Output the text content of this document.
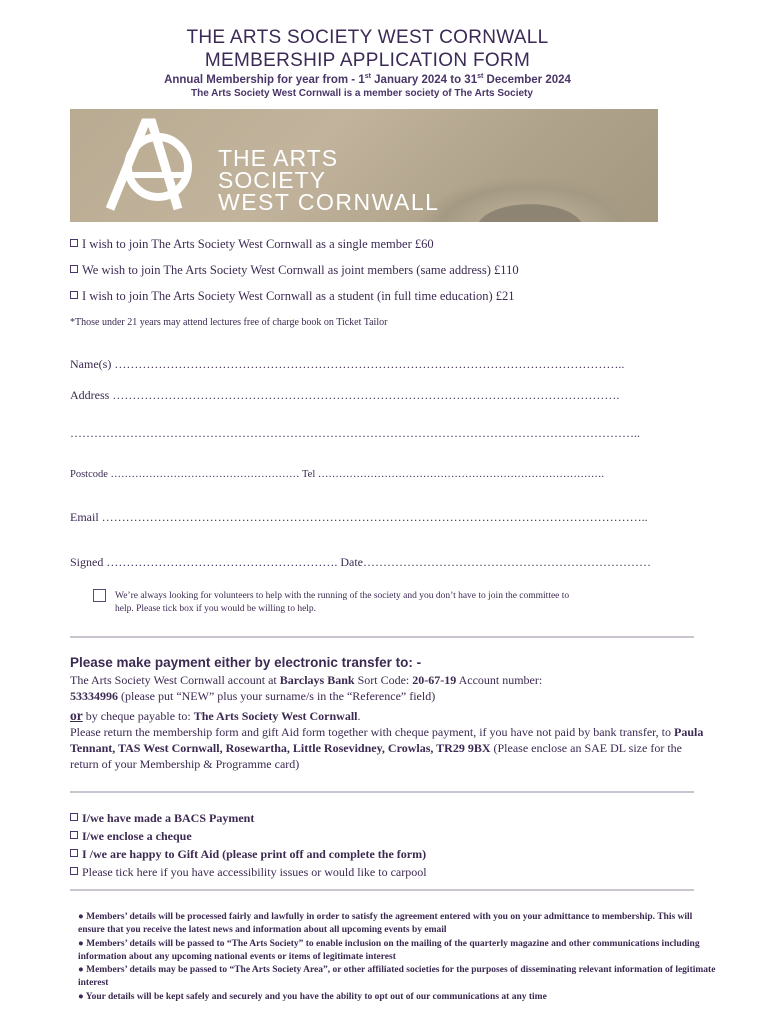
THE ARTS SOCIETY WEST CORNWALL
MEMBERSHIP APPLICATION FORM
Annual Membership for year from - 1st January 2024 to 31st December 2024
The Arts Society West Cornwall is a member society of The Arts Society
THE ARTS
SOCIETY
WEST CORNWALL
I wish to join The Arts Society West Cornwall as a single member £60
We wish to join The Arts Society West Cornwall as joint members (same address) £110
I wish to join The Arts Society West Cornwall as a student (in full time education) £21
*Those under 21 years may attend lectures free of charge book on Ticket Tailor
Name(s) ………………………………………………………………………………………………………………..
Address ……………………………………………………………………………………………………………….
……………………………………………………………………………………………………………………………..
Postcode ……………………………………………… Tel ……………………………………………………………………….
Email ………………………………………………………………………………………………………………………..
Signed …………………………………………………. Date………………………………………………………………
We’re always looking for volunteers to help with the running of the society and you don’t have to join the committee to
help. Please tick box if you would be willing to help.
Please make payment either by electronic transfer to: -
The Arts Society West Cornwall account at Barclays Bank Sort Code: 20-67-19 Account number:
53334996 (please put “NEW” plus your surname/s in the “Reference” field)
or by cheque payable to: The Arts Society West Cornwall.
Please return the membership form and gift Aid form together with cheque payment, if you have not paid by bank transfer, to Paula Tennant, TAS West Cornwall, Rosewartha, Little Rosevidney, Crowlas, TR29 9BX (Please enclose an SAE DL size for the return of your Membership & Programme card)
I/we have made a BACS Payment
I/we enclose a cheque
I /we are happy to Gift Aid (please print off and complete the form)
Please tick here if you have accessibility issues or would like to carpool
● Members’ details will be processed fairly and lawfully in order to satisfy the agreement entered with you on your admittance to membership. This will ensure that you receive the latest news and information about all upcoming events by email
● Members’ details will be passed to “The Arts Society” to enable inclusion on the mailing of the quarterly magazine and other communications including information about any upcoming national events or items of legitimate interest
● Members’ details may be passed to “The Arts Society Area”, or other affiliated societies for the purposes of disseminating relevant information of legitimate interest
● Your details will be kept safely and securely and you have the ability to opt out of our communications at any time
